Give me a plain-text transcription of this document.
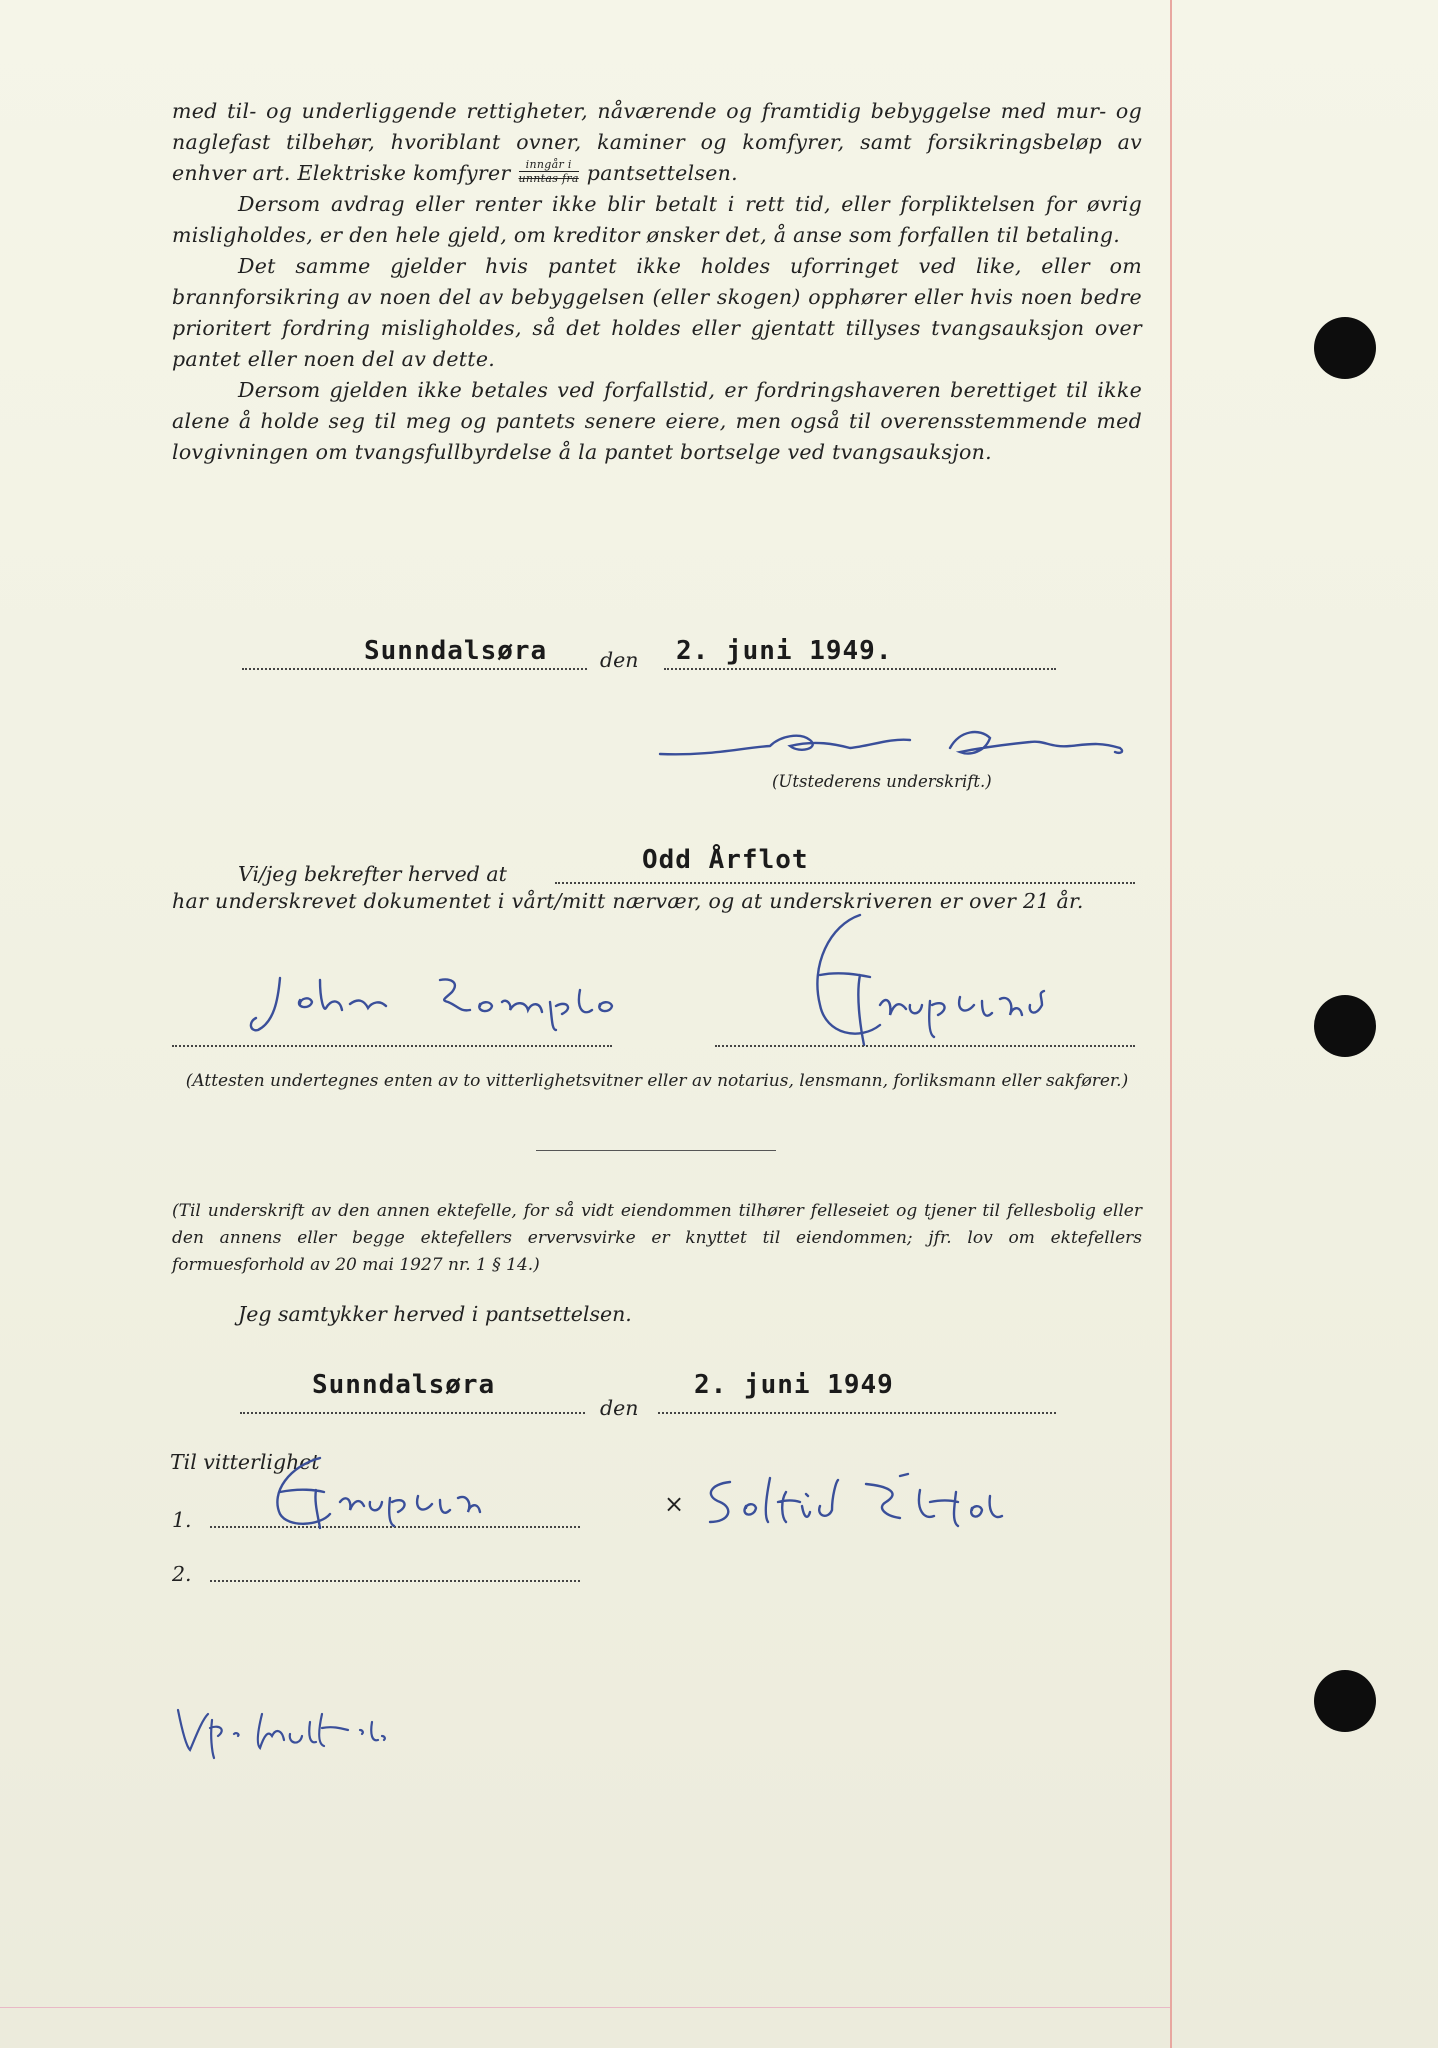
med til- og underliggende rettigheter, nåværende og framtidig bebyggelse med mur- og naglefast tilbehør, hvoriblant ovner, kaminer og komfyrer, samt forsikringsbeløp av enhver art. Elektriske komfyrer $\frac{\text{inngår i}}{\text{unntas fra}}$ pantsettelsen.

Dersom avdrag eller renter ikke blir betalt i rett tid, eller forpliktelsen for øvrig misligholdes, er den hele gjeld, om kreditor ønsker det, å anse som forfallen til betaling.

Det samme gjelder hvis pantet ikke holdes uforringet ved like, eller om brannforsikring av noen del av bebyggelsen (eller skogen) opphører eller hvis noen bedre prioritert fordring misligholdes, så det holdes eller gjentatt tillyses tvangsauksjon over pantet eller noen del av dette.

Dersom gjelden ikke betales ved forfallstid, er fordringshaveren berettiget til ikke alene å holde seg til meg og pantets senere eiere, men også til overensstemmende med lovgivningen om tvangsfullbyrdelse å la pantet bortselge ved tvangsauksjon.

Sunndalsøra	den 2. juni 1949.
(Utstederens underskrift.)
Vi/jeg bekrefter herved at	Odd Årflot

har underskrevet dokumentet i vårt/mitt nærvær, og at underskriveren er over 21 år.

(Attesten undertegnes enten av to vitterlighetsvitner eller av notarius, lensmann, forliksmann eller sakfører.)

(Til underskrift av den annen ektefelle, for så vidt eiendommen tilhører felleseiet og tjener til fellesbolig eller den annens eller begge ektefellers ervervsvirke er knyttet til eiendommen; jfr. lov om ektefellers formuesforhold av 20 mai 1927 nr. 1 § 14.)

Jeg samtykker herved i pantsettelsen.
Sunndalsøra
den
2. juni 1949
Til vitterlighet
1.
2.
×
